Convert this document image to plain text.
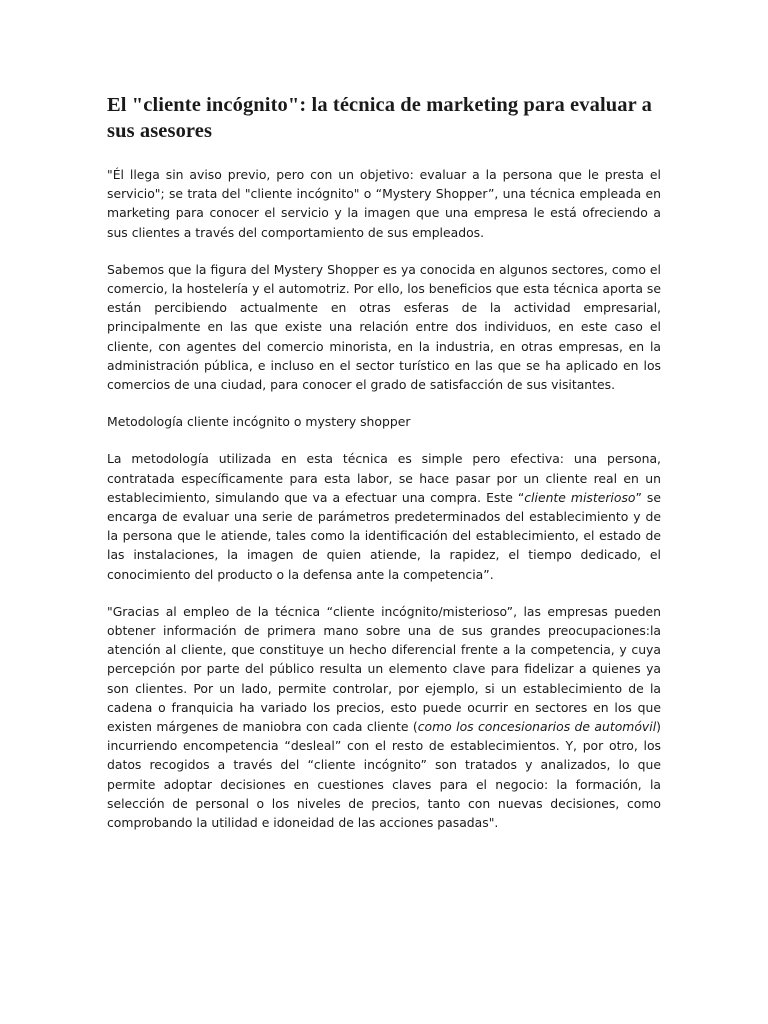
El "cliente incógnito": la técnica de marketing para evaluar a sus asesores

"Él llega sin aviso previo, pero con un objetivo: evaluar a la persona que le presta el servicio"; se trata del "cliente incógnito" o “Mystery Shopper”, una técnica empleada en marketing para conocer el servicio y la imagen que una empresa le está ofreciendo a sus clientes a través del comportamiento de sus empleados.

Sabemos que la figura del Mystery Shopper es ya conocida en algunos sectores, como el comercio, la hostelería y el automotriz. Por ello, los beneficios que esta técnica aporta se están percibiendo actualmente en otras esferas de la actividad empresarial, principalmente en las que existe una relación entre dos individuos, en este caso el cliente, con agentes del comercio minorista, en la industria, en otras empresas, en la administración pública, e incluso en el sector turístico en las que se ha aplicado en los comercios de una ciudad, para conocer el grado de satisfacción de sus visitantes.

Metodología cliente incógnito o mystery shopper

La metodología utilizada en esta técnica es simple pero efectiva: una persona, contratada específicamente para esta labor, se hace pasar por un cliente real en un establecimiento, simulando que va a efectuar una compra. Este “cliente misterioso” se encarga de evaluar una serie de parámetros predeterminados del establecimiento y de la persona que le atiende, tales como la identificación del establecimiento, el estado de las instalaciones, la imagen de quien atiende, la rapidez, el tiempo dedicado, el conocimiento del producto o la defensa ante la competencia”.

"Gracias al empleo de la técnica “cliente incógnito/misterioso”, las empresas pueden obtener información de primera mano sobre una de sus grandes preocupaciones:la atención al cliente, que constituye un hecho diferencial frente a la competencia, y cuya percepción por parte del público resulta un elemento clave para fidelizar a quienes ya son clientes. Por un lado, permite controlar, por ejemplo, si un establecimiento de la cadena o franquicia ha variado los precios, esto puede ocurrir en sectores en los que existen márgenes de maniobra con cada cliente (como los concesionarios de automóvil) incurriendo encompetencia “desleal” con el resto de establecimientos. Y, por otro, los datos recogidos a través del “cliente incógnito” son tratados y analizados, lo que permite adoptar decisiones en cuestiones claves para el negocio: la formación, la selección de personal o los niveles de precios, tanto con nuevas decisiones, como comprobando la utilidad e idoneidad de las acciones pasadas".
